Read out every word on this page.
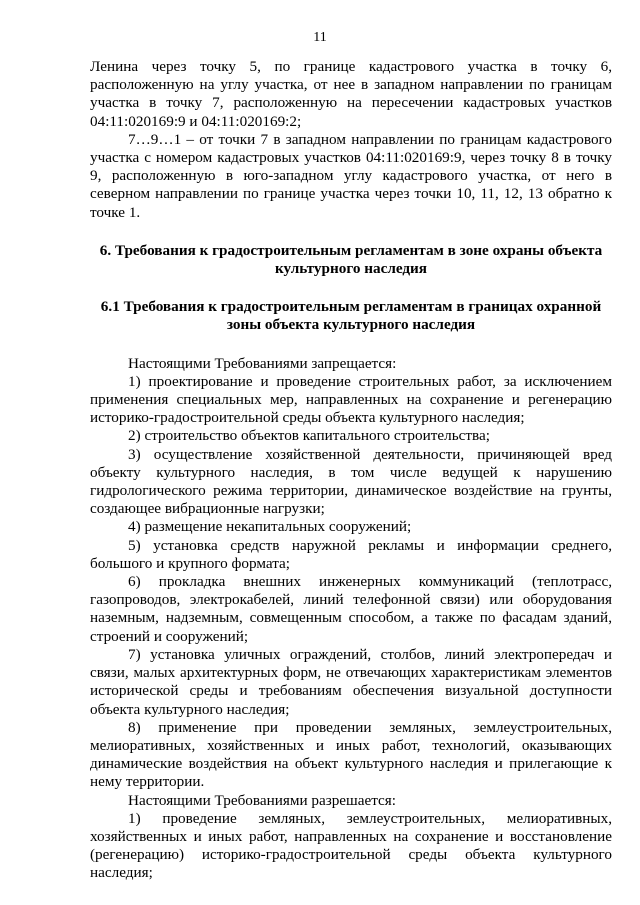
11

Ленина через точку 5, по границе кадастрового участка в точку 6, расположенную на углу участка, от нее в западном направлении по границам участка в точку 7, расположенную на пересечении кадастровых участков 04:11:020169:9 и 04:11:020169:2;

7…9…1 – от точки 7 в западном направлении по границам кадастрового участка с номером кадастровых участков 04:11:020169:9, через точку 8 в точку 9, расположенную в юго-западном углу кадастрового участка, от него в северном направлении по границе участка через точки 10, 11, 12, 13 обратно к точке 1.

6. Требования к градостроительным регламентам в зоне охраны объекта культурного наследия

6.1 Требования к градостроительным регламентам в границах охранной зоны объекта культурного наследия

Настоящими Требованиями запрещается:

1) проектирование и проведение строительных работ, за исключением применения специальных мер, направленных на сохранение и регенерацию историко-градостроительной среды объекта культурного наследия;

2) строительство объектов капитального строительства;

3) осуществление хозяйственной деятельности, причиняющей вред объекту культурного наследия, в том числе ведущей к нарушению гидрологического режима территории, динамическое воздействие на грунты, создающее вибрационные нагрузки;

4) размещение некапитальных сооружений;

5) установка средств наружной рекламы и информации среднего, большого и крупного формата;

6) прокладка внешних инженерных коммуникаций (теплотрасс, газопроводов, электрокабелей, линий телефонной связи) или оборудования наземным, надземным, совмещенным способом, а также по фасадам зданий, строений и сооружений;

7) установка уличных ограждений, столбов, линий электропередач и связи, малых архитектурных форм, не отвечающих характеристикам элементов исторической среды и требованиям обеспечения визуальной доступности объекта культурного наследия;

8) применение при проведении земляных, землеустроительных, мелиоративных, хозяйственных и иных работ, технологий, оказывающих динамические воздействия на объект культурного наследия и прилегающие к нему территории.

Настоящими Требованиями разрешается:

1) проведение земляных, землеустроительных, мелиоративных, хозяйственных и иных работ, направленных на сохранение и восстановление (регенерацию) историко-градостроительной среды объекта культурного наследия;
